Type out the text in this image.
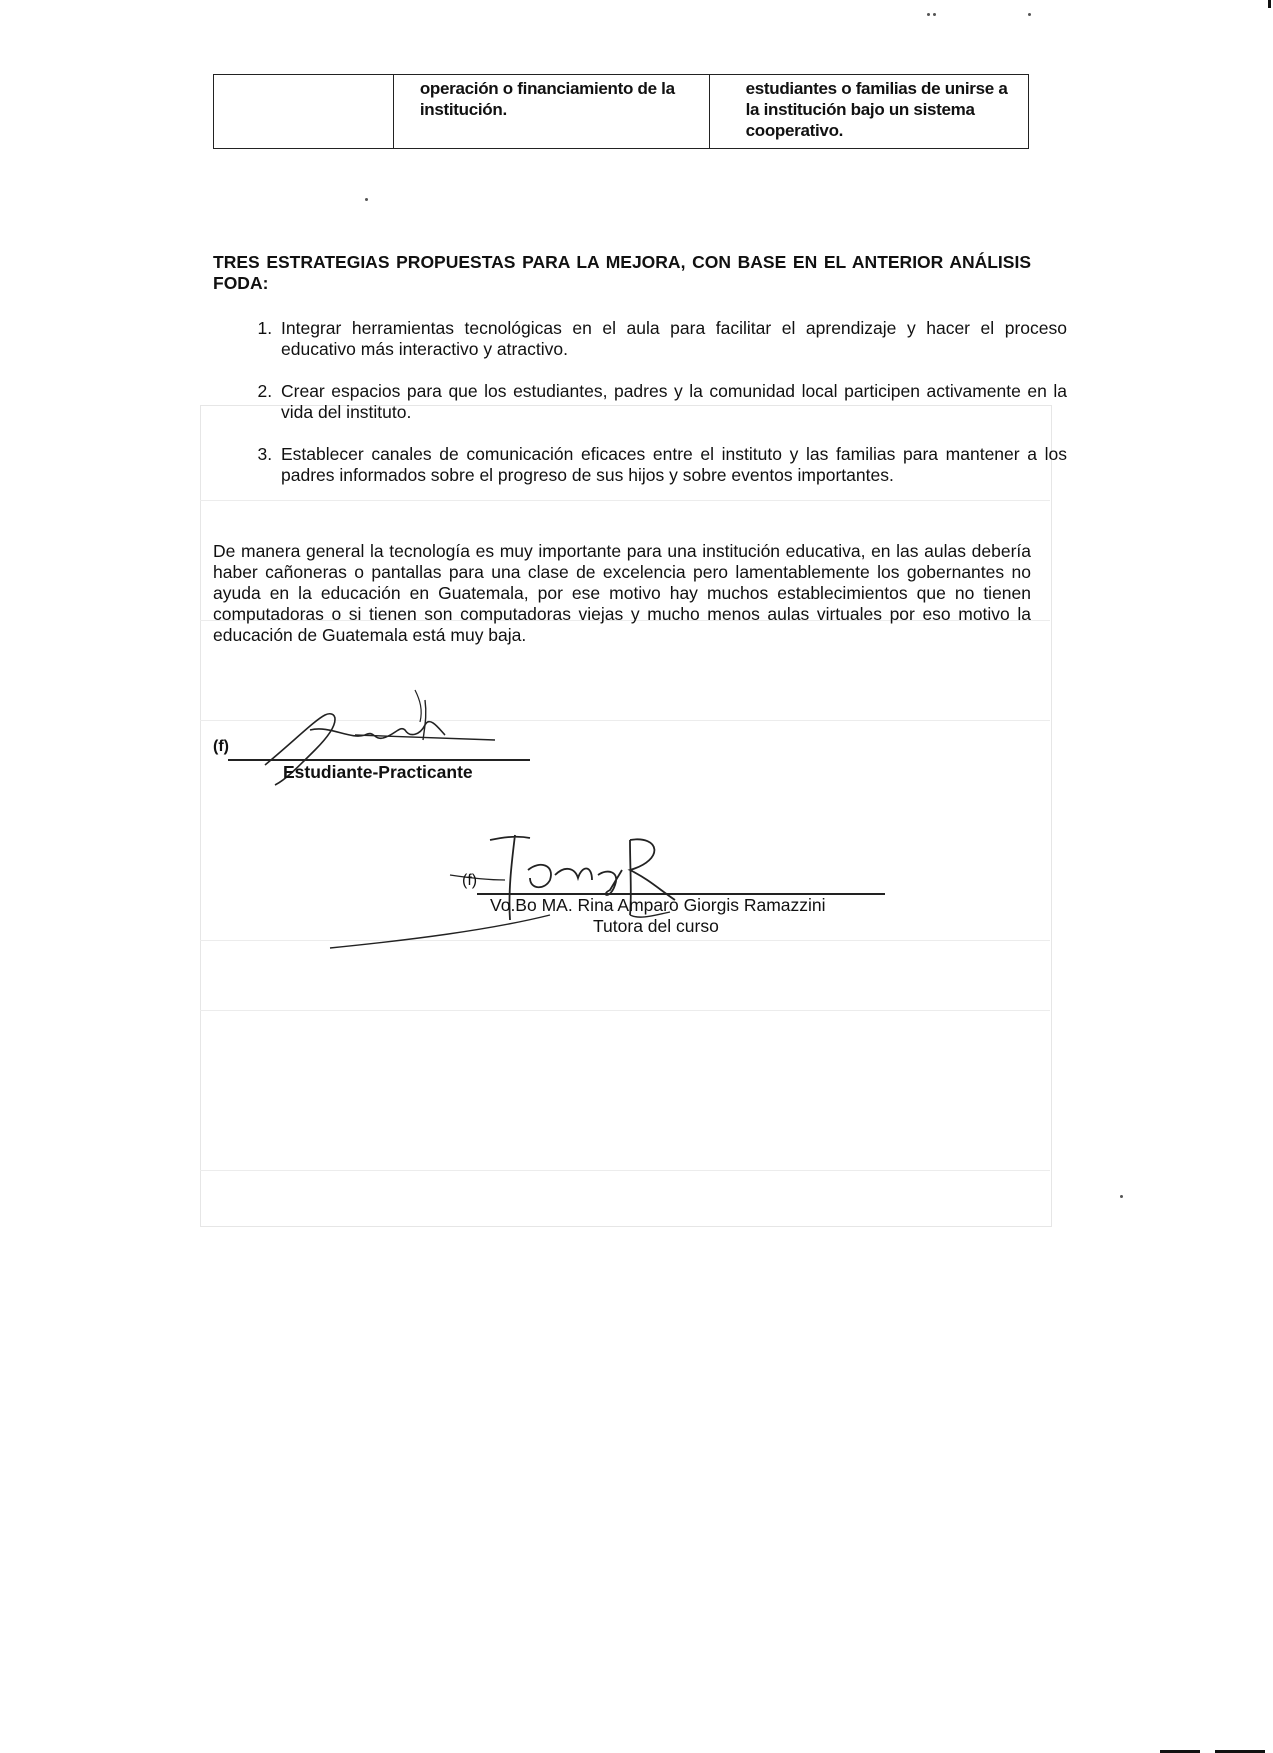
	operación o financiamiento de la institución.	estudiantes o familias de unirse a la institución bajo un sistema cooperativo.
TRES ESTRATEGIAS PROPUESTAS PARA LA MEJORA, CON BASE EN EL ANTERIOR ANÁLISIS FODA:
1. Integrar herramientas tecnológicas en el aula para facilitar el aprendizaje y hacer el proceso educativo más interactivo y atractivo.
2. Crear espacios para que los estudiantes, padres y la comunidad local participen activamente en la vida del instituto.
3. Establecer canales de comunicación eficaces entre el instituto y las familias para mantener a los padres informados sobre el progreso de sus hijos y sobre eventos importantes.
De manera general la tecnología es muy importante para una institución educativa, en las aulas debería haber cañoneras o pantallas para una clase de excelencia pero lamentablemente los gobernantes no ayuda en la educación en Guatemala, por ese motivo hay muchos establecimientos que no tienen computadoras o si tienen son computadoras viejas y mucho menos aulas virtuales por eso motivo la educación de Guatemala está muy baja.
(f)
Estudiante-Practicante
(f)
Vo.Bo MA. Rina Amparo Giorgis Ramazzini
Tutora del curso
